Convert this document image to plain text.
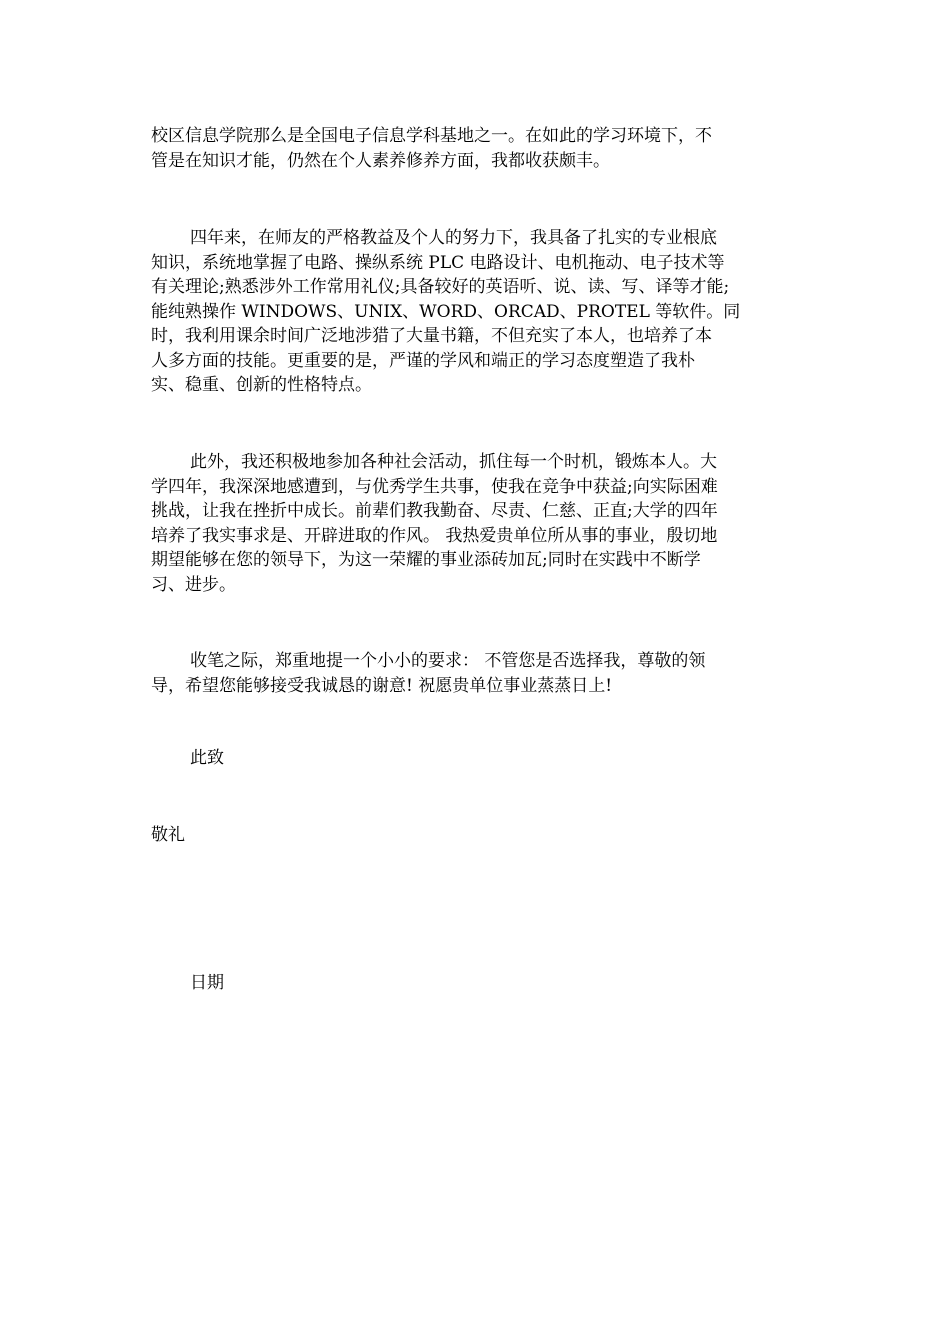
校区信息学院那么是全国电子信息学科基地之一。在如此的学习环境下，不
管是在知识才能，仍然在个人素养修养方面，我都收获颇丰。
四年来，在师友的严格教益及个人的努力下，我具备了扎实的专业根底
知识，系统地掌握了电路、操纵系统 PLC 电路设计、电机拖动、电子技术等
有关理论;熟悉涉外工作常用礼仪;具备较好的英语听、说、读、写、译等才能;
能纯熟操作 WINDOWS、UNIX、WORD、ORCAD、PROTEL 等软件。同
时，我利用课余时间广泛地涉猎了大量书籍，不但充实了本人，也培养了本
人多方面的技能。更重要的是，严谨的学风和端正的学习态度塑造了我朴
实、稳重、创新的性格特点。
此外，我还积极地参加各种社会活动，抓住每一个时机，锻炼本人。大
学四年，我深深地感遭到，与优秀学生共事，使我在竞争中获益;向实际困难
挑战，让我在挫折中成长。前辈们教我勤奋、尽责、仁慈、正直;大学的四年
培养了我实事求是、开辟进取的作风。 我热爱贵单位所从事的事业，殷切地
期望能够在您的领导下，为这一荣耀的事业添砖加瓦;同时在实践中不断学
习、进步。
收笔之际，郑重地提一个小小的要求： 不管您是否选择我，尊敬的领
导，希望您能够接受我诚恳的谢意! 祝愿贵单位事业蒸蒸日上!
此致
敬礼
日期
